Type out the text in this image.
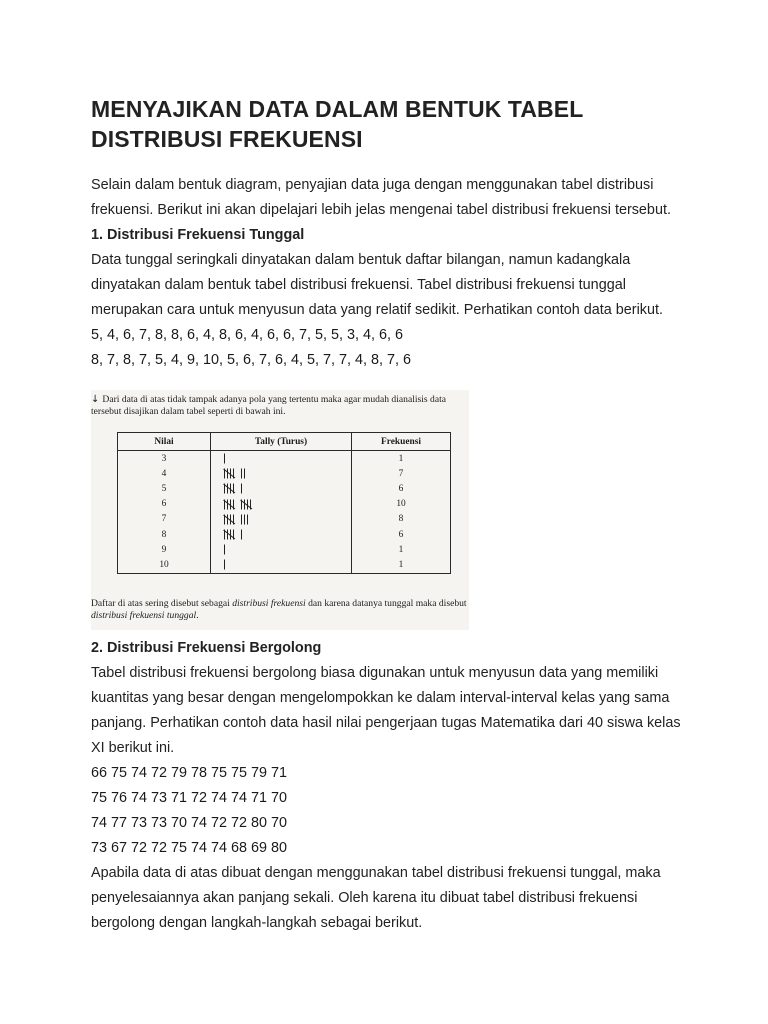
MENYAJIKAN DATA DALAM BENTUK TABEL DISTRIBUSI FREKUENSI

Selain dalam bentuk diagram, penyajian data juga dengan menggunakan tabel distribusi frekuensi. Berikut ini akan dipelajari lebih jelas mengenai tabel distribusi frekuensi tersebut.

1. Distribusi Frekuensi Tunggal

Data tunggal seringkali dinyatakan dalam bentuk daftar bilangan, namun kadangkala dinyatakan dalam bentuk tabel distribusi frekuensi. Tabel distribusi frekuensi tunggal merupakan cara untuk menyusun data yang relatif sedikit. Perhatikan contoh data berikut.

5, 4, 6, 7, 8, 8, 6, 4, 8, 6, 4, 6, 6, 7, 5, 5, 3, 4, 6, 6

8, 7, 8, 7, 5, 4, 9, 10, 5, 6, 7, 6, 4, 5, 7, 7, 4, 8, 7, 6

↓ Dari data di atas tidak tampak adanya pola yang tertentu maka agar mudah dianalisis data tersebut disajikan dalam tabel seperti di bawah ini.
Nilai	Tally (Turus)	Frekuensi
3		1
4		7
5		6
6		10
7		8
8		6
9		1
10		1
Daftar di atas sering disebut sebagai distribusi frekuensi dan karena datanya tunggal maka disebut distribusi frekuensi tunggal.

2. Distribusi Frekuensi Bergolong

Tabel distribusi frekuensi bergolong biasa digunakan untuk menyusun data yang memiliki kuantitas yang besar dengan mengelompokkan ke dalam interval-interval kelas yang sama panjang. Perhatikan contoh data hasil nilai pengerjaan tugas Matematika dari 40 siswa kelas XI berikut ini.

66 75 74 72 79 78 75 75 79 71

75 76 74 73 71 72 74 74 71 70

74 77 73 73 70 74 72 72 80 70

73 67 72 72 75 74 74 68 69 80

Apabila data di atas dibuat dengan menggunakan tabel distribusi frekuensi tunggal, maka penyelesaiannya akan panjang sekali. Oleh karena itu dibuat tabel distribusi frekuensi bergolong dengan langkah-langkah sebagai berikut.
